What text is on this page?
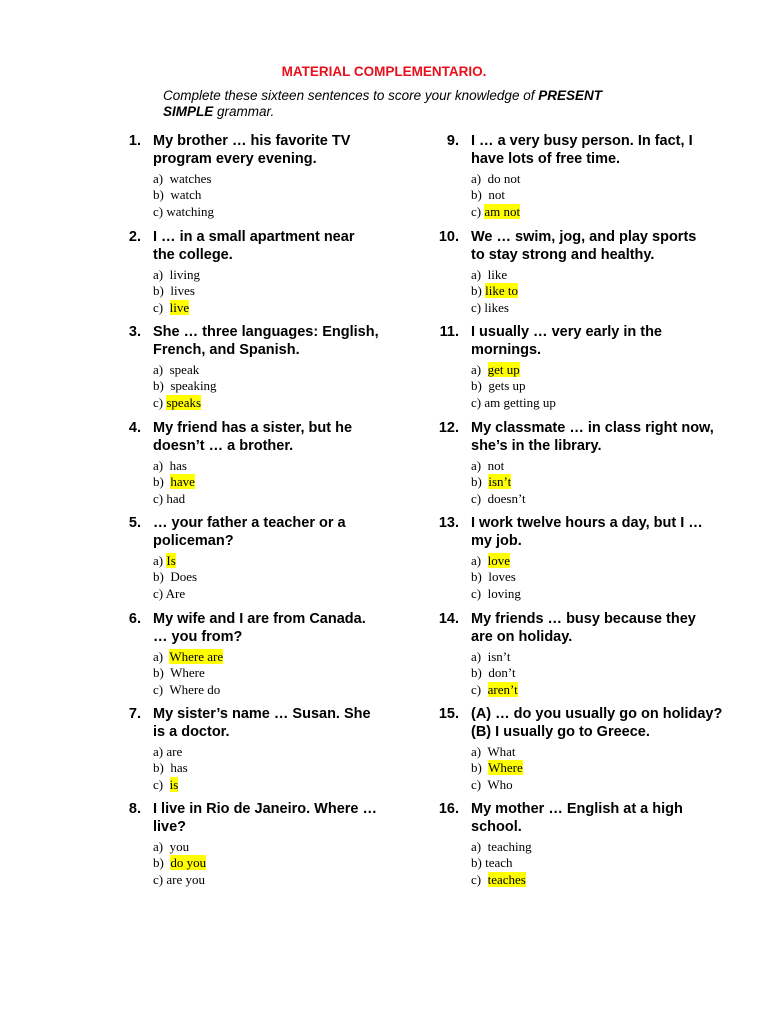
MATERIAL COMPLEMENTARIO.
Complete these sixteen sentences to score your knowledge of PRESENT SIMPLE grammar.
1. My brother … his favorite TV
program every evening.
a)  watches
b)  watch
c) watching
2. I … in a small apartment near
the college.
a)  living
b)  lives
c)  live
3. She … three languages: English,
French, and Spanish.
a)  speak
b)  speaking
c) speaks
4. My friend has a sister, but he
doesn’t … a brother.
a)  has
b)  have
c) had
5. … your father a teacher or a
policeman?
a) Is
b)  Does
c) Are
6. My wife and I are from Canada.
… you from?
a)  Where are
b)  Where
c)  Where do
7. My sister’s name … Susan. She
is a doctor.
a) are
b)  has
c)  is
8. I live in Rio de Janeiro. Where …
live?
a)  you
b)  do you
c) are you
9. I … a very busy person. In fact, I
have lots of free time.
a)  do not
b)  not
c) am not
10. We … swim, jog, and play sports
to stay strong and healthy.
a)  like
b) like to
c) likes
11. I usually … very early in the
mornings.
a)  get up
b)  gets up
c) am getting up
12. My classmate … in class right now,
she’s in the library.
a)  not
b)  isn’t
c)  doesn’t
13. I work twelve hours a day, but I …
my job.
a)  love
b)  loves
c)  loving
14. My friends … busy because they
are on holiday.
a)  isn’t
b)  don’t
c)  aren’t
15. (A) … do you usually go on holiday?
(B) I usually go to Greece.
a)  What
b)  Where
c)  Who
16. My mother … English at a high
school.
a)  teaching
b) teach
c)  teaches
